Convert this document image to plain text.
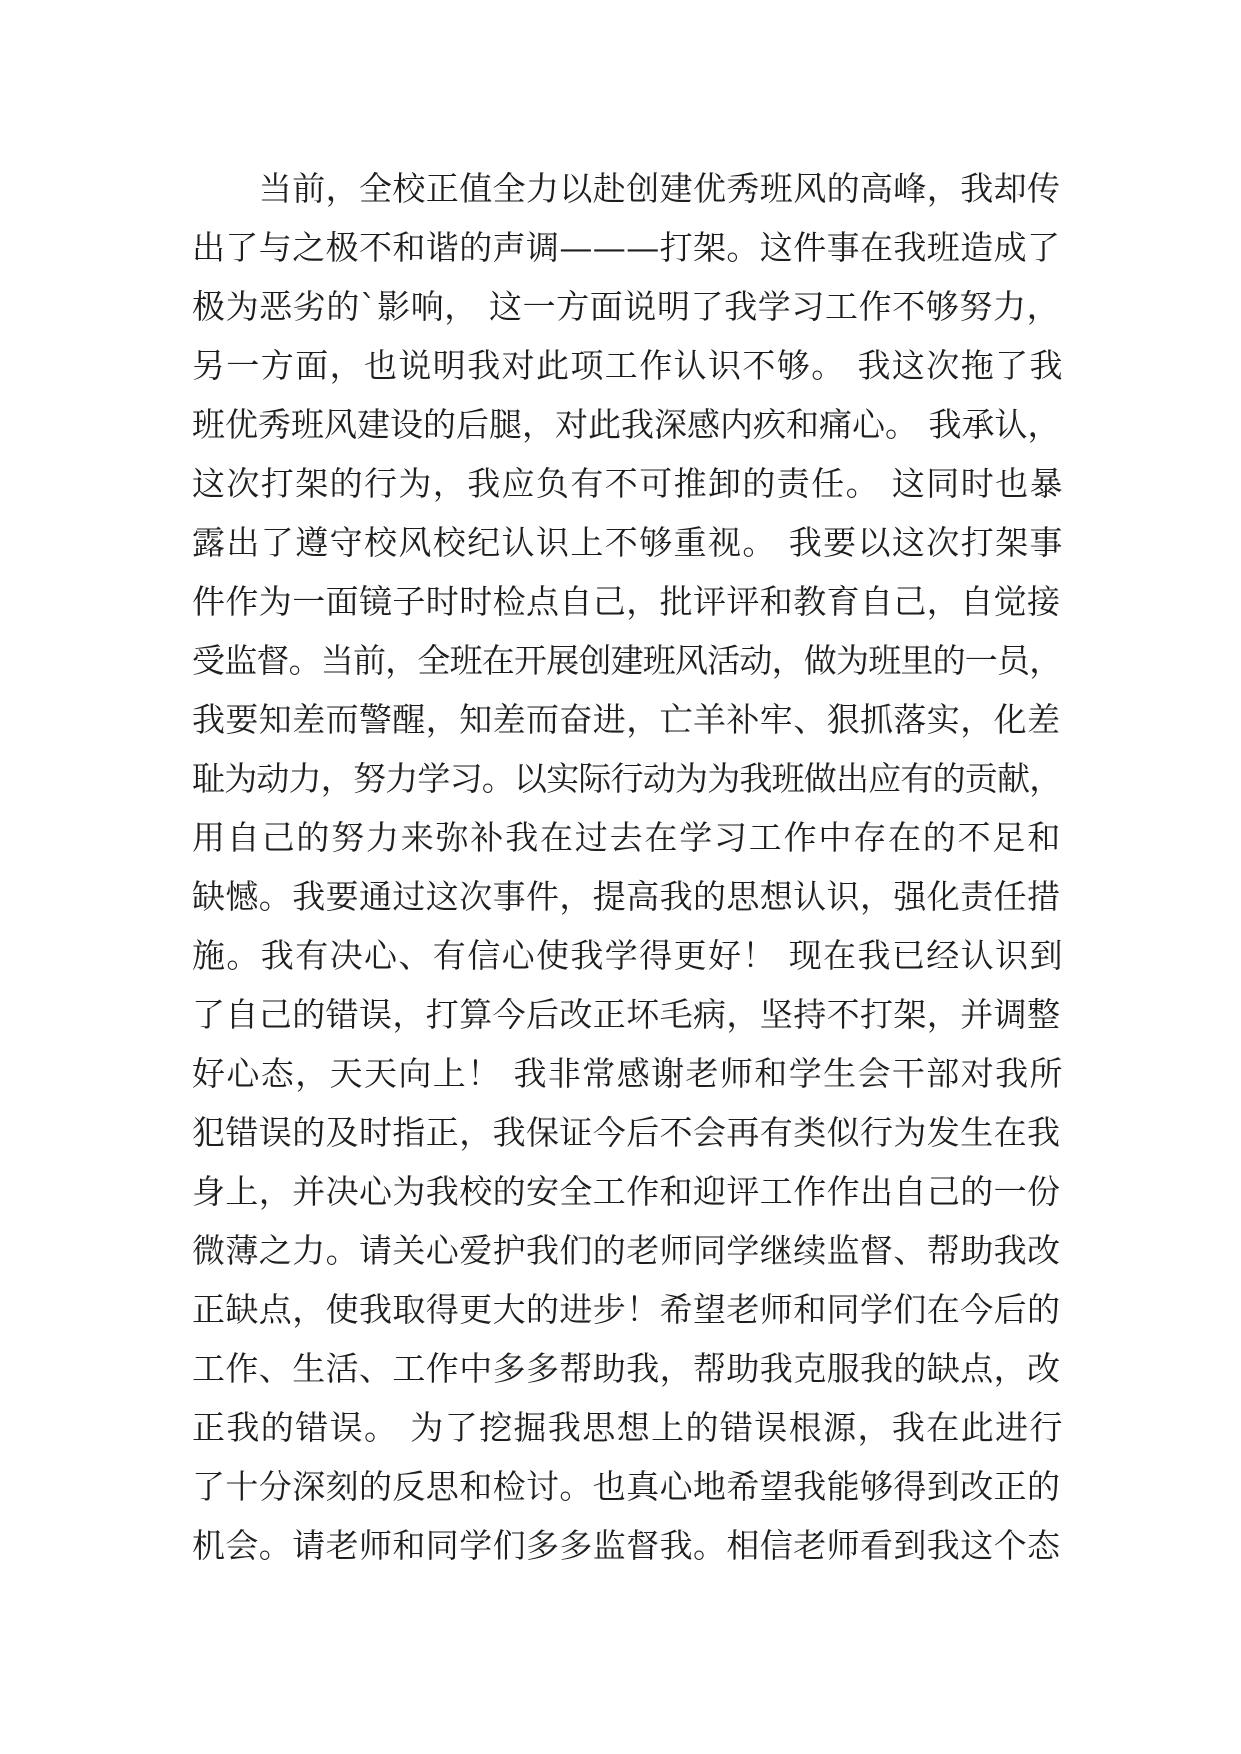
　　当前，全校正值全力以赴创建优秀班风的高峰，我却传
出了与之极不和谐的声调———打架。这件事在我班造成了
极为恶劣的`影响， 这一方面说明了我学习工作不够努力，
另一方面，也说明我对此项工作认识不够。 我这次拖了我
班优秀班风建设的后腿，对此我深感内疚和痛心。 我承认，
这次打架的行为，我应负有不可推卸的责任。 这同时也暴
露出了遵守校风校纪认识上不够重视。 我要以这次打架事
件作为一面镜子时时检点自己，批评评和教育自己，自觉接
受监督。当前，全班在开展创建班风活动，做为班里的一员，
我要知差而警醒，知差而奋进，亡羊补牢、狠抓落实，化差
耻为动力，努力学习。以实际行动为为我班做出应有的贡献，
用自己的努力来弥补我在过去在学习工作中存在的不足和
缺憾。我要通过这次事件，提高我的思想认识，强化责任措
施。我有决心、有信心使我学得更好！ 现在我已经认识到
了自己的错误，打算今后改正坏毛病，坚持不打架，并调整
好心态，天天向上！ 我非常感谢老师和学生会干部对我所
犯错误的及时指正，我保证今后不会再有类似行为发生在我
身上，并决心为我校的安全工作和迎评工作作出自己的一份
微薄之力。请关心爱护我们的老师同学继续监督、帮助我改
正缺点，使我取得更大的进步！希望老师和同学们在今后的
工作、生活、工作中多多帮助我，帮助我克服我的缺点，改
正我的错误。 为了挖掘我思想上的错误根源，我在此进行
了十分深刻的反思和检讨。也真心地希望我能够得到改正的
机会。请老师和同学们多多监督我。相信老师看到我这个态
